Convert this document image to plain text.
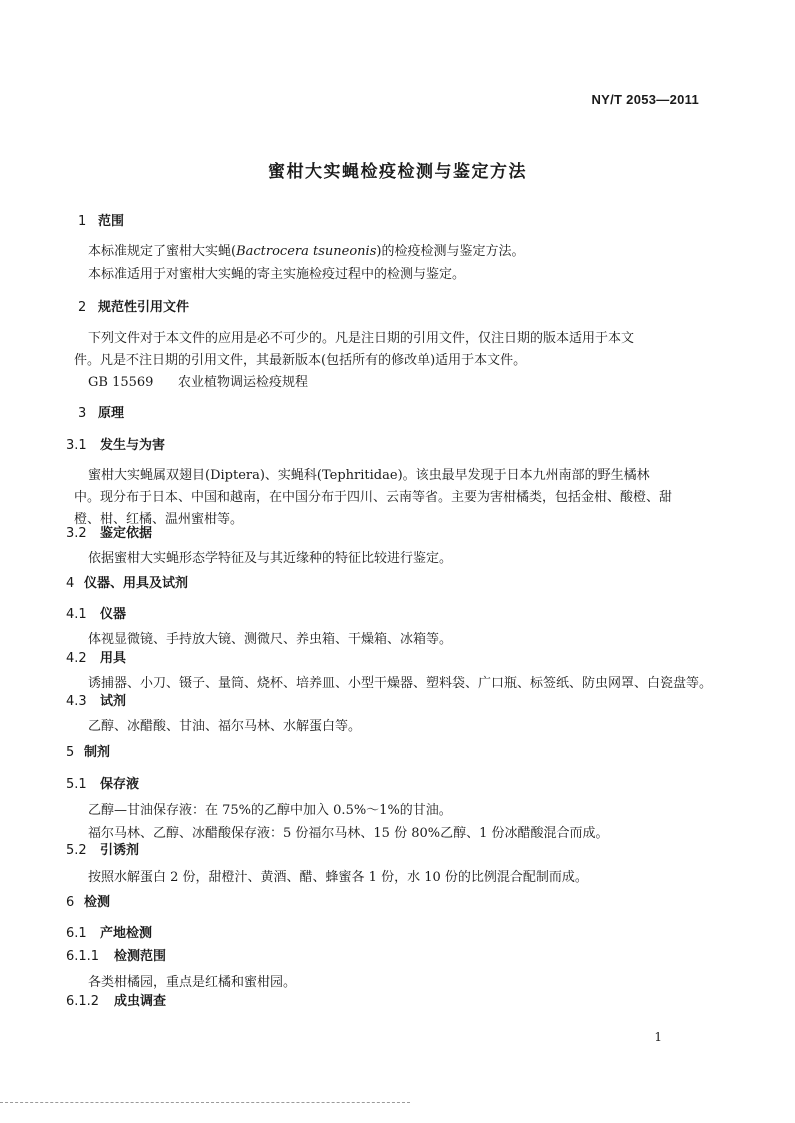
NY/T 2053—2011
蜜柑大实蝇检疫检测与鉴定方法
1 范围
本标准规定了蜜柑大实蝇(Bactrocera tsuneonis)的检疫检测与鉴定方法。
本标准适用于对蜜柑大实蝇的寄主实施检疫过程中的检测与鉴定。
2 规范性引用文件
下列文件对于本文件的应用是必不可少的。凡是注日期的引用文件，仅注日期的版本适用于本文
件。凡是不注日期的引用文件，其最新版本(包括所有的修改单)适用于本文件。
GB 15569 农业植物调运检疫规程
3 原理
3.1 发生与为害
蜜柑大实蝇属双翅目(Diptera)、实蝇科(Tephritidae)。该虫最早发现于日本九州南部的野生橘林
中。现分布于日本、中国和越南，在中国分布于四川、云南等省。主要为害柑橘类，包括金柑、酸橙、甜
橙、柑、红橘、温州蜜柑等。
3.2 鉴定依据
依据蜜柑大实蝇形态学特征及与其近缘种的特征比较进行鉴定。
4 仪器、用具及试剂
4.1 仪器
体视显微镜、手持放大镜、测微尺、养虫箱、干燥箱、冰箱等。
4.2 用具
诱捕器、小刀、镊子、量筒、烧杯、培养皿、小型干燥器、塑料袋、广口瓶、标签纸、防虫网罩、白瓷盘等。
4.3 试剂
乙醇、冰醋酸、甘油、福尔马林、水解蛋白等。
5 制剂
5.1 保存液
乙醇—甘油保存液：在 75%的乙醇中加入 0.5%～1%的甘油。
福尔马林、乙醇、冰醋酸保存液：5 份福尔马林、15 份 80%乙醇、1 份冰醋酸混合而成。
5.2 引诱剂
按照水解蛋白 2 份，甜橙汁、黄酒、醋、蜂蜜各 1 份，水 10 份的比例混合配制而成。
6 检测
6.1 产地检测
6.1.1 检测范围
各类柑橘园，重点是红橘和蜜柑园。
6.1.2 成虫调查
1
